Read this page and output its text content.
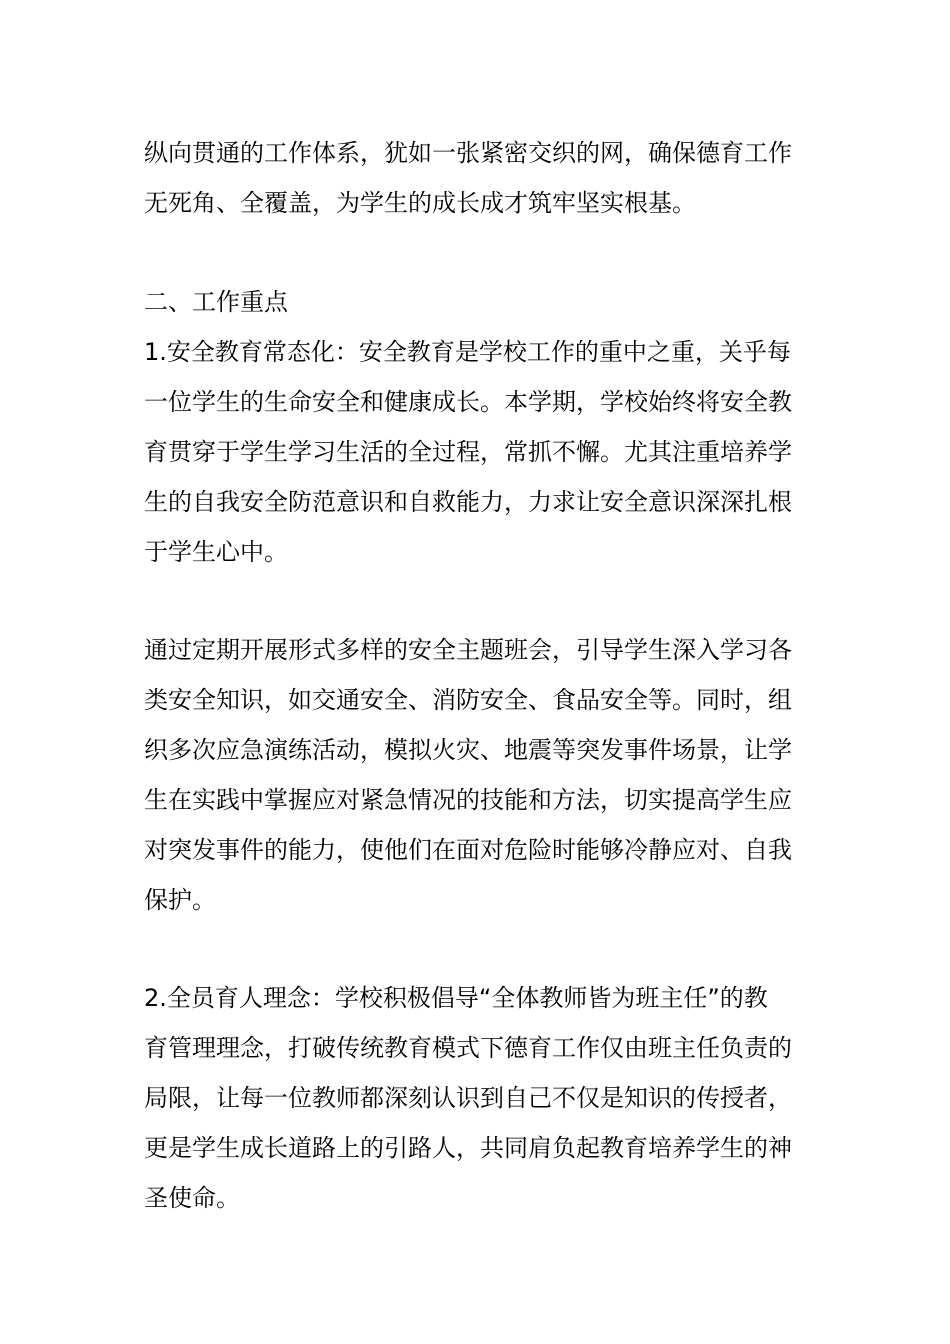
纵向贯通的工作体系，犹如一张紧密交织的网，确保德育工作
无死角、全覆盖，为学生的成长成才筑牢坚实根基。
二、工作重点
1.安全教育常态化：安全教育是学校工作的重中之重，关乎每
一位学生的生命安全和健康成长。本学期，学校始终将安全教
育贯穿于学生学习生活的全过程，常抓不懈。尤其注重培养学
生的自我安全防范意识和自救能力，力求让安全意识深深扎根
于学生心中。
通过定期开展形式多样的安全主题班会，引导学生深入学习各
类安全知识，如交通安全、消防安全、食品安全等。同时，组
织多次应急演练活动，模拟火灾、地震等突发事件场景，让学
生在实践中掌握应对紧急情况的技能和方法，切实提高学生应
对突发事件的能力，使他们在面对危险时能够冷静应对、自我
保护。
2.全员育人理念：学校积极倡导“全体教师皆为班主任”的教
育管理理念，打破传统教育模式下德育工作仅由班主任负责的
局限，让每一位教师都深刻认识到自己不仅是知识的传授者，
更是学生成长道路上的引路人，共同肩负起教育培养学生的神
圣使命。
